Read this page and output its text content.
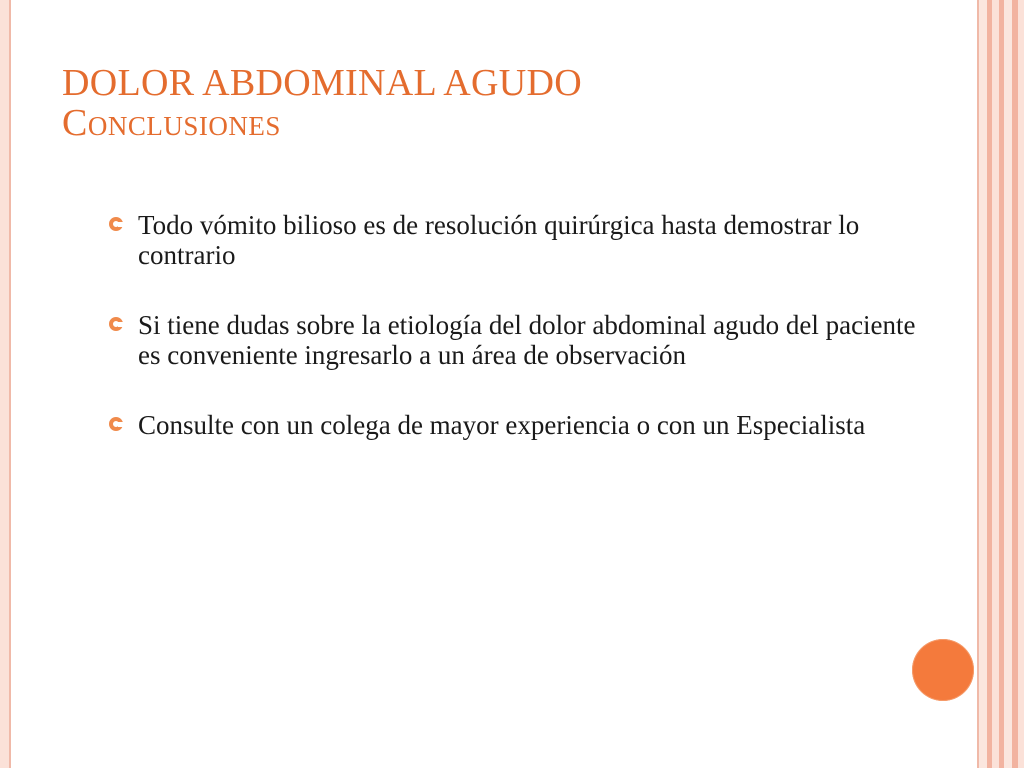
DOLOR ABDOMINAL AGUDO
Conclusiones
Todo vómito bilioso es de resolución quirúrgica hasta demostrar lo contrario
Si tiene dudas sobre la etiología del dolor abdominal agudo del paciente es conveniente ingresarlo a un área de observación
Consulte con un colega de mayor experiencia o con un Especialista
